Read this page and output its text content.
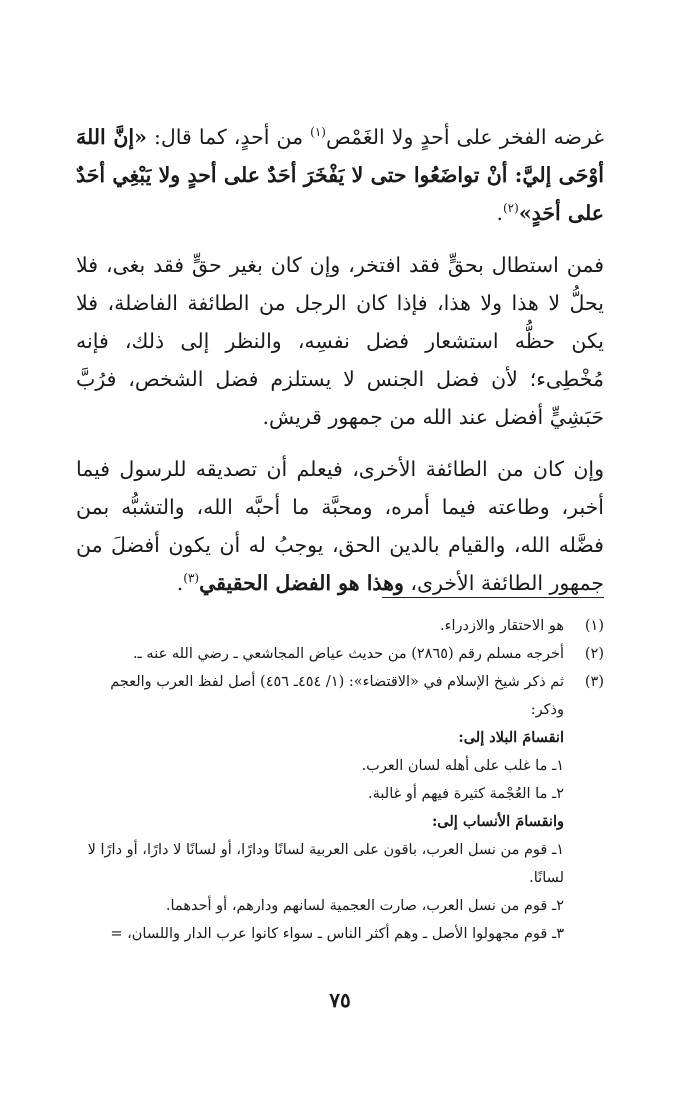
غرضه الفخر على أحدٍ ولا الغَمْص$^{(١)}$ من أحدٍ، كما قال: «إنَّ اللهَ أوْحَى إليَّ: أنْ تواضَعُوا حتى لا يَفْخَرَ أحَدٌ على أحدٍ ولا يَبْغِي أحَدٌ على أحَدٍ»$^{(٢)}$.

فمن استطال بحقٍّ فقد افتخر، وإن كان بغير حقٍّ فقد بغى، فلا يحلُّ لا هذا ولا هذا، فإذا كان الرجل من الطائفة الفاضلة، فلا يكن حظُّه استشعار فضل نفسِه، والنظر إلى ذلك، فإنه مُخْطِىء؛ لأن فضل الجنس لا يستلزم فضل الشخص، فرُبَّ حَبَشِيٍّ أفضل عند الله من جمهور قريش.

وإن كان من الطائفة الأخرى، فيعلم أن تصديقه للرسول فيما أخبر، وطاعته فيما أمره، ومحبَّة ما أحبَّه الله، والتشبُّه بمن فضَّله الله، والقيام بالدين الحق، يوجبُ له أن يكون أفضلَ من جمهور الطائفة الأخرى، وهذا هو الفضل الحقيقي$^{(٣)}$.

(١)
هو الاحتقار والازدراء.
(٢)
أخرجه مسلم رقم (٢٨٦٥) من حديث عياض المجاشعي ـ رضي الله عنه ـ.
(٣)
ثم ذكر شيخ الإسلام في «الاقتضاء»: (١/ ٤٥٤ـ ٤٥٦) أصل لفظ العرب والعجم وذكر:
انقسامَ البلاد إلى:
١ـ ما غلب على أهله لسان العرب.
٢ـ ما العُجْمة كثيرة فيهم أو غالبة.
وانقسامَ الأنساب إلى:
١ـ قوم من نسل العرب، باقون على العربية لسانًا ودارًا، أو لسانًا لا دارًا، أو دارًا لا لسانًا.
٢ـ قوم من نسل العرب، صارت العجمية لسانهم ودارهم، أو أحدهما.
٣ـ قوم مجهولوا الأصل ـ وهم أكثر الناس ـ سواء كانوا عرب الدار واللسان، =
٧٥
